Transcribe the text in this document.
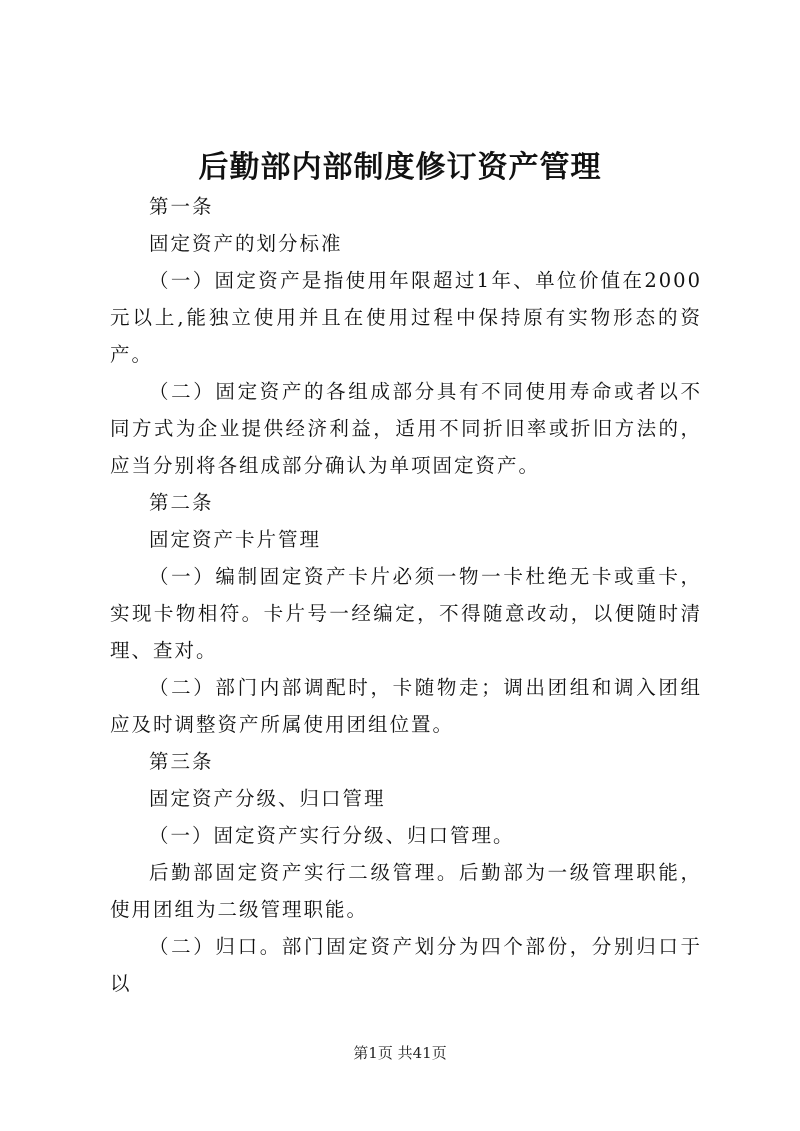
后勤部内部制度修订资产管理

第一条

固定资产的划分标准

（一）固定资产是指使用年限超过1年、单位价值在2000元以上,能独立使用并且在使用过程中保持原有实物形态的资产。

（二）固定资产的各组成部分具有不同使用寿命或者以不同方式为企业提供经济利益，适用不同折旧率或折旧方法的，应当分别将各组成部分确认为单项固定资产。

第二条

固定资产卡片管理

（一）编制固定资产卡片必须一物一卡杜绝无卡或重卡，实现卡物相符。卡片号一经编定，不得随意改动，以便随时清理、查对。

（二）部门内部调配时，卡随物走；调出团组和调入团组应及时调整资产所属使用团组位置。

第三条

固定资产分级、归口管理

（一）固定资产实行分级、归口管理。

后勤部固定资产实行二级管理。后勤部为一级管理职能，使用团组为二级管理职能。

（二）归口。部门固定资产划分为四个部份，分别归口于以

第1页 共41页
